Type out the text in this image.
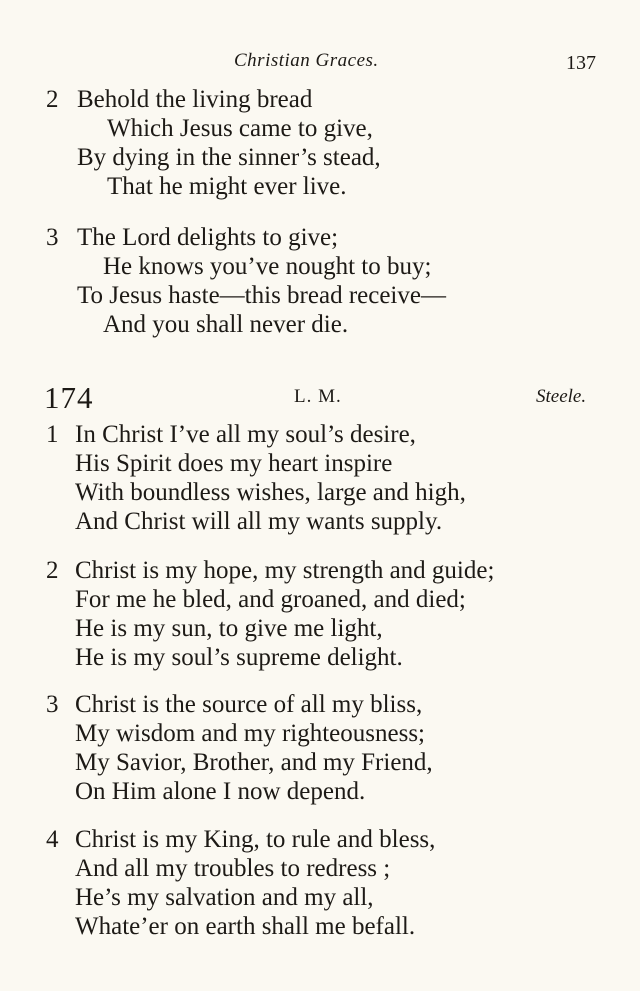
Christian Graces.	137
2 Behold the living bread
Which Jesus came to give,
By dying in the sinner’s stead,
That he might ever live.
3 The Lord delights to give;
He knows you’ve nought to buy;
To Jesus haste—this bread receive—
And you shall never die.
174	L. M.	Steele.
1 In Christ I’ve all my soul’s desire,
His Spirit does my heart inspire
With boundless wishes, large and high,
And Christ will all my wants supply.
2 Christ is my hope, my strength and guide;
For me he bled, and groaned, and died;
He is my sun, to give me light,
He is my soul’s supreme delight.
3 Christ is the source of all my bliss,
My wisdom and my righteousness;
My Savior, Brother, and my Friend,
On Him alone I now depend.
4 Christ is my King, to rule and bless,
And all my troubles to redress ;
He’s my salvation and my all,
Whate’er on earth shall me befall.
